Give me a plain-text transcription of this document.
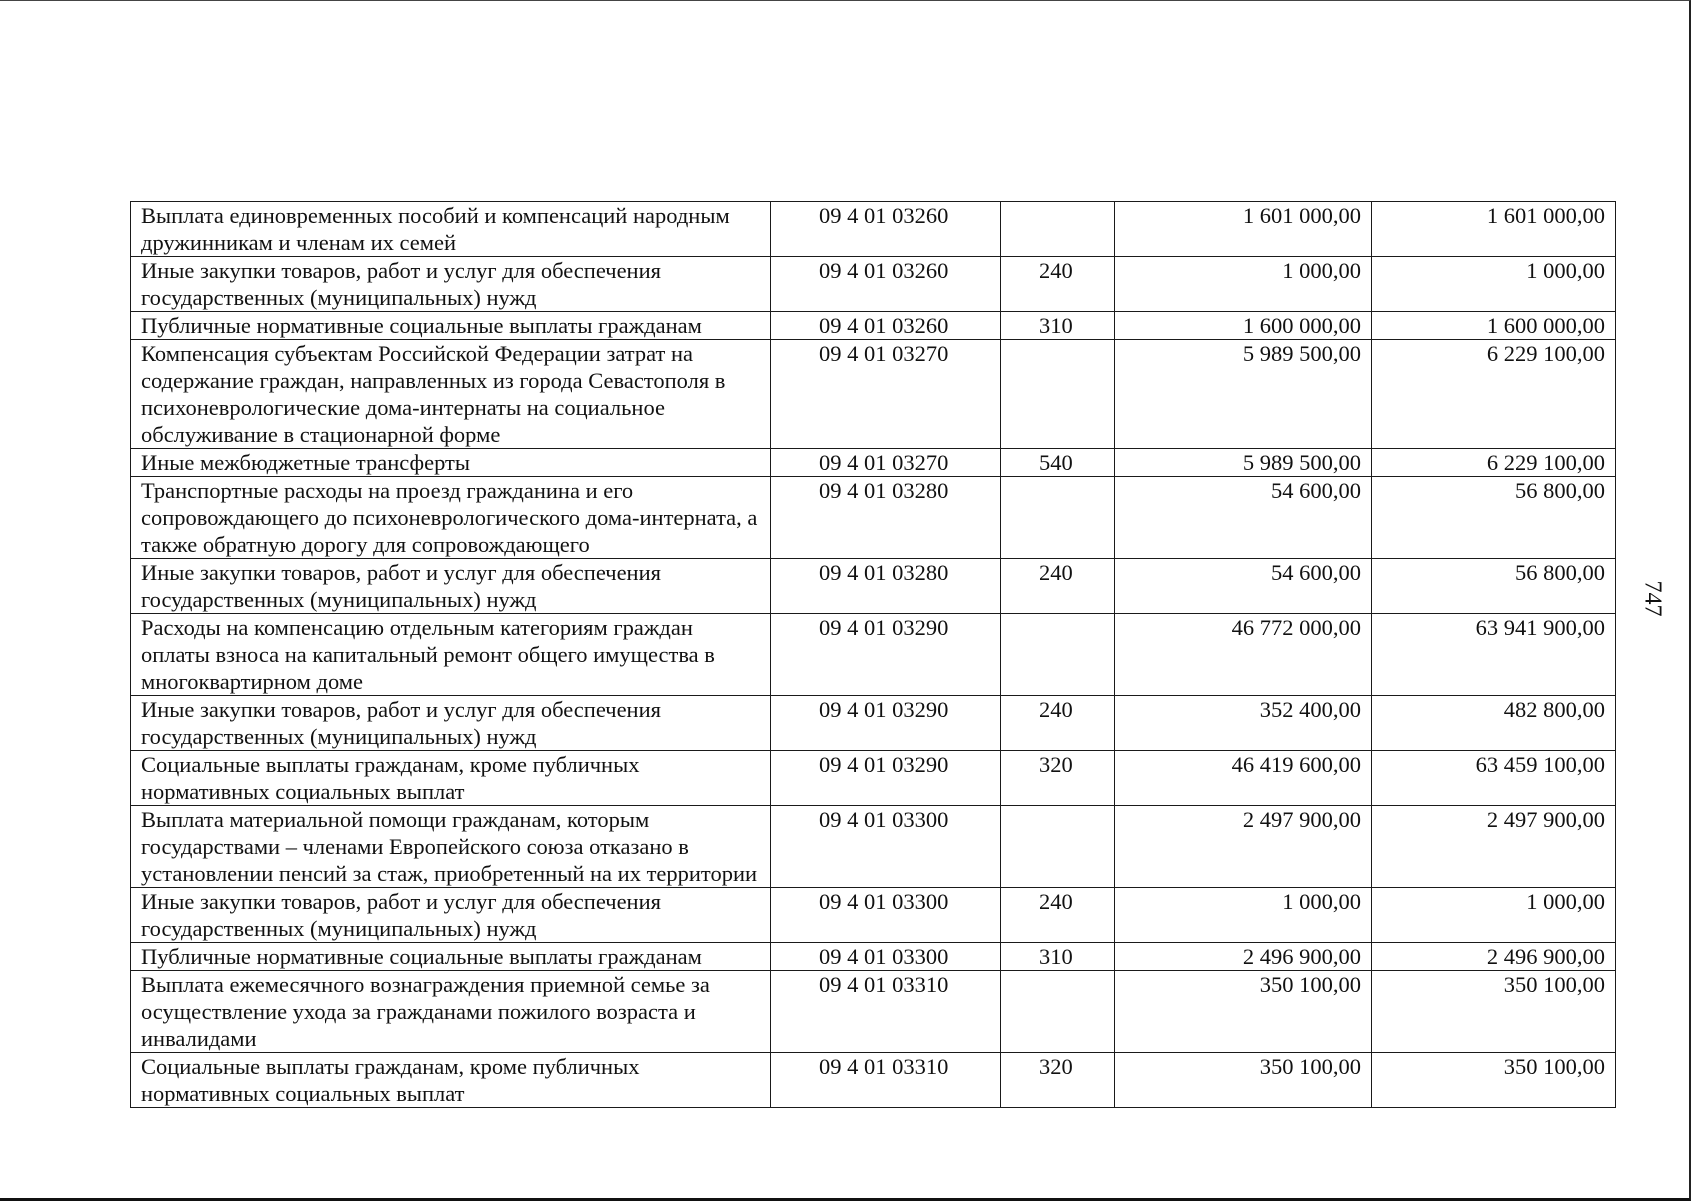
Выплата единовременных пособий и компенсаций народным дружинникам и членам их семей	09 4 01 03260		1 601 000,00	1 601 000,00
Иные закупки товаров, работ и услуг для обеспечения государственных (муниципальных) нужд	09 4 01 03260	240	1 000,00	1 000,00
Публичные нормативные социальные выплаты гражданам	09 4 01 03260	310	1 600 000,00	1 600 000,00
Компенсация субъектам Российской Федерации затрат на содержание граждан, направленных из города Севастополя в психоневрологические дома-интернаты на социальное обслуживание в стационарной форме	09 4 01 03270		5 989 500,00	6 229 100,00
Иные межбюджетные трансферты	09 4 01 03270	540	5 989 500,00	6 229 100,00
Транспортные расходы на проезд гражданина и его сопровождающего до психоневрологического дома-интерната, а также обратную дорогу для сопровождающего	09 4 01 03280		54 600,00	56 800,00
Иные закупки товаров, работ и услуг для обеспечения государственных (муниципальных) нужд	09 4 01 03280	240	54 600,00	56 800,00
Расходы на компенсацию отдельным категориям граждан оплаты взноса на капитальный ремонт общего имущества в многоквартирном доме	09 4 01 03290		46 772 000,00	63 941 900,00
Иные закупки товаров, работ и услуг для обеспечения государственных (муниципальных) нужд	09 4 01 03290	240	352 400,00	482 800,00
Социальные выплаты гражданам, кроме публичных нормативных социальных выплат	09 4 01 03290	320	46 419 600,00	63 459 100,00
Выплата материальной помощи гражданам, которым государствами – членами Европейского союза отказано в установлении пенсий за стаж, приобретенный на их территории	09 4 01 03300		2 497 900,00	2 497 900,00
Иные закупки товаров, работ и услуг для обеспечения государственных (муниципальных) нужд	09 4 01 03300	240	1 000,00	1 000,00
Публичные нормативные социальные выплаты гражданам	09 4 01 03300	310	2 496 900,00	2 496 900,00
Выплата ежемесячного вознаграждения приемной семье за осуществление ухода за гражданами пожилого возраста и инвалидами	09 4 01 03310		350 100,00	350 100,00
Социальные выплаты гражданам, кроме публичных нормативных социальных выплат	09 4 01 03310	320	350 100,00	350 100,00
747
